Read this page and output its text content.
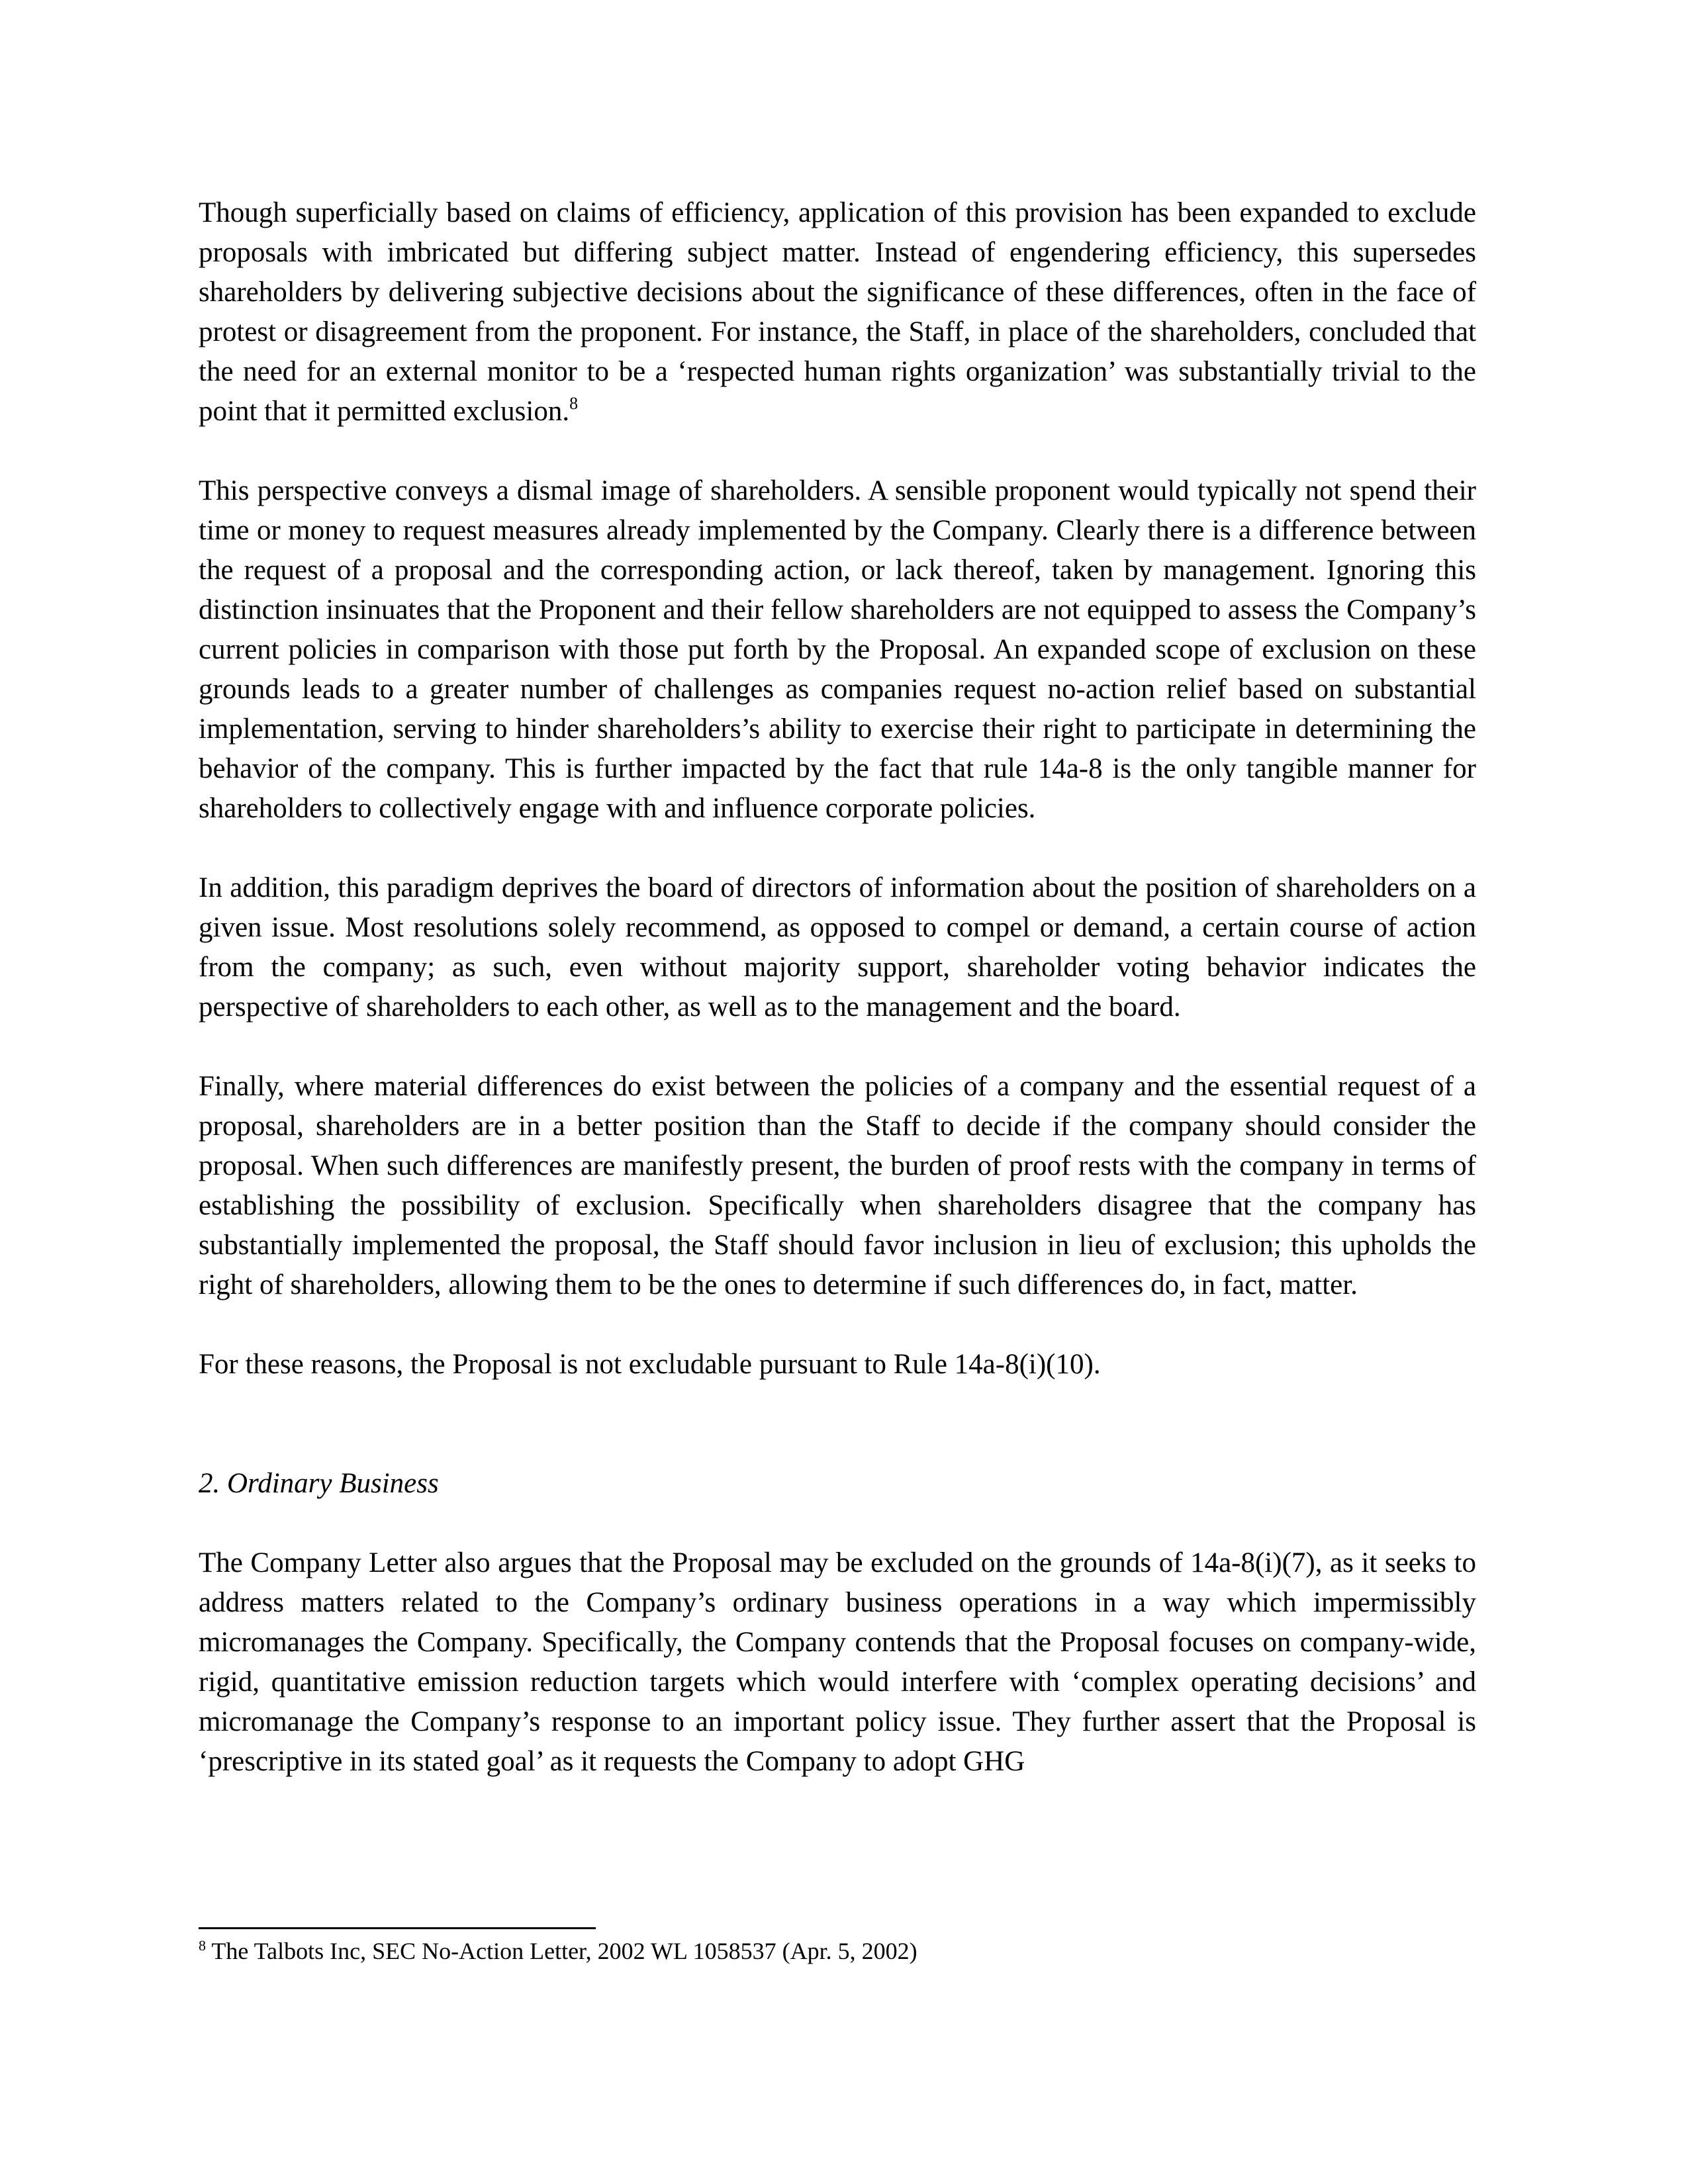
Though superficially based on claims of efficiency, application of this provision has been expanded to exclude proposals with imbricated but differing subject matter. Instead of engendering efficiency, this supersedes shareholders by delivering subjective decisions about the significance of these differences, often in the face of protest or disagreement from the proponent. For instance, the Staff, in place of the shareholders, concluded that the need for an external monitor to be a ‘respected human rights organization’ was substantially trivial to the point that it permitted exclusion.$^8$

This perspective conveys a dismal image of shareholders. A sensible proponent would typically not spend their time or money to request measures already implemented by the Company. Clearly there is a difference between the request of a proposal and the corresponding action, or lack thereof, taken by management. Ignoring this distinction insinuates that the Proponent and their fellow shareholders are not equipped to assess the Company’s current policies in comparison with those put forth by the Proposal. An expanded scope of exclusion on these grounds leads to a greater number of challenges as companies request no-action relief based on substantial implementation, serving to hinder shareholders’s ability to exercise their right to participate in determining the behavior of the company. This is further impacted by the fact that rule 14a-8 is the only tangible manner for shareholders to collectively engage with and influence corporate policies.

In addition, this paradigm deprives the board of directors of information about the position of shareholders on a given issue. Most resolutions solely recommend, as opposed to compel or demand, a certain course of action from the company; as such, even without majority support, shareholder voting behavior indicates the perspective of shareholders to each other, as well as to the management and the board.

Finally, where material differences do exist between the policies of a company and the essential request of a proposal, shareholders are in a better position than the Staff to decide if the company should consider the proposal. When such differences are manifestly present, the burden of proof rests with the company in terms of establishing the possibility of exclusion. Specifically when shareholders disagree that the company has substantially implemented the proposal, the Staff should favor inclusion in lieu of exclusion; this upholds the right of shareholders, allowing them to be the ones to determine if such differences do, in fact, matter.

For these reasons, the Proposal is not excludable pursuant to Rule 14a-8(i)(10).

2. Ordinary Business

The Company Letter also argues that the Proposal may be excluded on the grounds of 14a-8(i)(7), as it seeks to address matters related to the Company’s ordinary business operations in a way which impermissibly micromanages the Company. Specifically, the Company contends that the Proposal focuses on company-wide, rigid, quantitative emission reduction targets which would interfere with ‘complex operating decisions’ and micromanage the Company’s response to an important policy issue. They further assert that the Proposal is ‘prescriptive in its stated goal’ as it requests the Company to adopt GHG

$^8$ The Talbots Inc, SEC No-Action Letter, 2002 WL 1058537 (Apr. 5, 2002)
